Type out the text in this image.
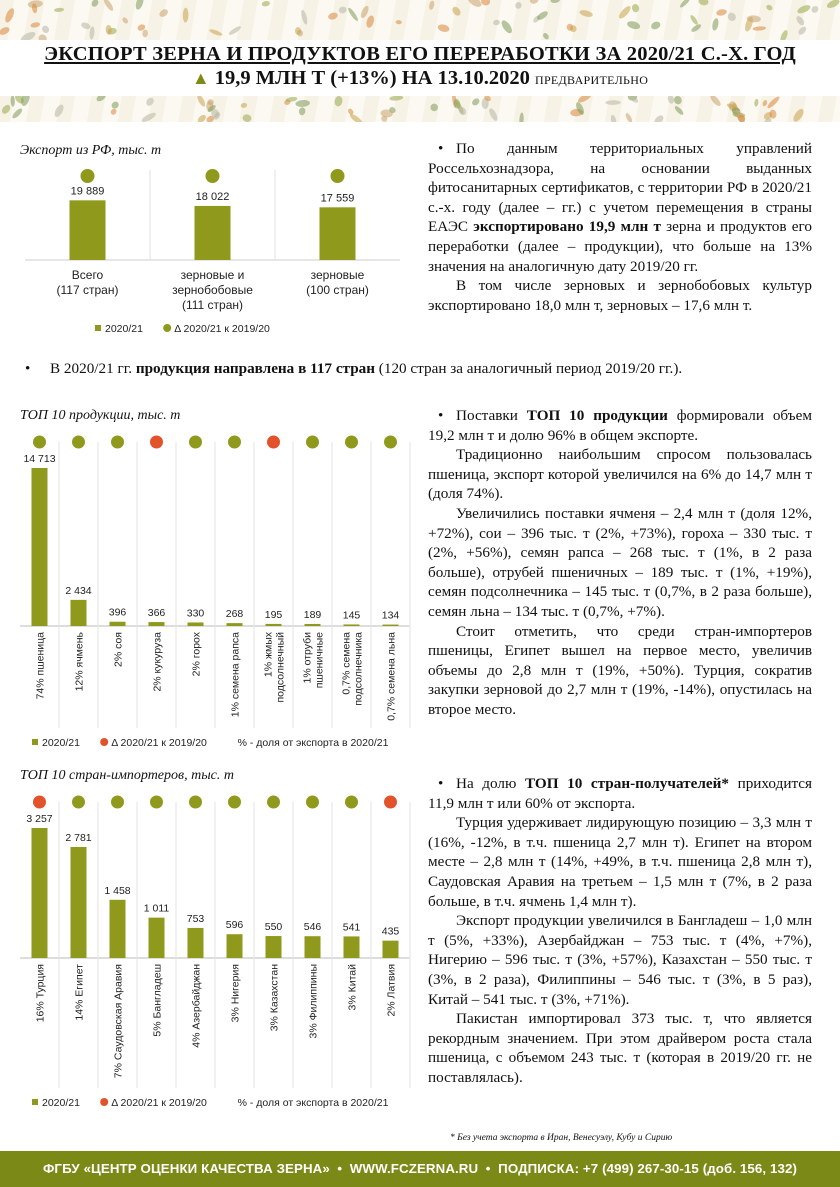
ЭКСПОРТ ЗЕРНА И ПРОДУКТОВ ЕГО ПЕРЕРАБОТКИ ЗА 2020/21 С.-Х. ГОД
▲ 19,9 МЛН Т (+13%) НА 13.10.2020 ПРЕДВАРИТЕЛЬНО
Экспорт из РФ, тыс. т
19 889
Всего
(117 стран)
18 022
зерновые и
зернобобовые
(111 стран)
17 559
зерновые
(100 стран)
2020/21	Δ 2020/21 к 2019/20

• По данным территориальных управлений Россельхознадзора, на основании выданных фитосанитарных сертификатов, с территории РФ в 2020/21 с.-х. году (далее – гг.) с учетом перемещения в страны ЕАЭС экспортировано 19,9 млн т зерна и продуктов его переработки (далее – продукции), что больше на 13% значения на аналогичную дату 2019/20 гг.

В том числе зерновых и зернобобовых культур экспортировано 18,0 млн т, зерновых – 17,6 млн т.

• В 2020/21 гг. продукция направлена в 117 стран (120 стран за аналогичный период 2019/20 гг.).
ТОП 10 продукции, тыс. т
14 713
74% пшеница
2 434
12% ячмень
396
2% соя
366
2% кукуруза
330
2% горох
268
1% семена рапса
195
1% жмых подсолнечный
189
1% отруби пшеничные
145
0,7% семена подсолнечника
134
0,7% семена льна
2020/21	Δ 2020/21 к 2019/20	% - доля от экспорта в 2020/21

• Поставки ТОП 10 продукции формировали объем 19,2 млн т и долю 96% в общем экспорте.

Традиционно наибольшим спросом пользовалась пшеница, экспорт которой увеличился на 6% до 14,7 млн т (доля 74%).

Увеличились поставки ячменя – 2,4 млн т (доля 12%, +72%), сои – 396 тыс. т (2%, +73%), гороха – 330 тыс. т (2%, +56%), семян рапса – 268 тыс. т (1%, в 2 раза больше), отрубей пшеничных – 189 тыс. т (1%, +19%), семян подсолнечника – 145 тыс. т (0,7%, в 2 раза больше), семян льна – 134 тыс. т (0,7%, +7%).

Стоит отметить, что среди стран-импортеров пшеницы, Египет вышел на первое место, увеличив объемы до 2,8 млн т (19%, +50%). Турция, сократив закупки зерновой до 2,7 млн т (19%, -14%), опустилась на второе место.

ТОП 10 стран-импортеров, тыс. т
3 257
16% Турция
2 781
14% Египет
1 458
7% Саудовская Аравия
1 011
5% Бангладеш
753
4% Азербайджан
596
3% Нигерия
550
3% Казахстан
546
3% Филиппины
541
3% Китай
435
2% Латвия
2020/21	Δ 2020/21 к 2019/20	% - доля от экспорта в 2020/21

• На долю ТОП 10 стран-получателей* приходится 11,9 млн т или 60% от экспорта.

Турция удерживает лидирующую позицию – 3,3 млн т (16%, -12%, в т.ч. пшеница 2,7 млн т). Египет на втором месте – 2,8 млн т (14%, +49%, в т.ч. пшеница 2,8 млн т), Саудовская Аравия на третьем – 1,5 млн т (7%, в 2 раза больше, в т.ч. ячмень 1,4 млн т).

Экспорт продукции увеличился в Бангладеш – 1,0 млн т (5%, +33%), Азербайджан – 753 тыс. т (4%, +7%), Нигерию – 596 тыс. т (3%, +57%), Казахстан – 550 тыс. т (3%, в 2 раза), Филиппины – 546 тыс. т (3%, в 5 раз), Китай – 541 тыс. т (3%, +71%).

Пакистан импортировал 373 тыс. т, что является рекордным значением. При этом драйвером роста стала пшеница, с объемом 243 тыс. т (которая в 2019/20 гг. не поставлялась).

* Без учета экспорта в Иран, Венесуэлу, Кубу и Сирию
ФГБУ «ЦЕНТР ОЦЕНКИ КАЧЕСТВА ЗЕРНА»  •  WWW.FCZERNA.RU  •  ПОДПИСКА: +7 (499) 267-30-15 (доб. 156, 132)
